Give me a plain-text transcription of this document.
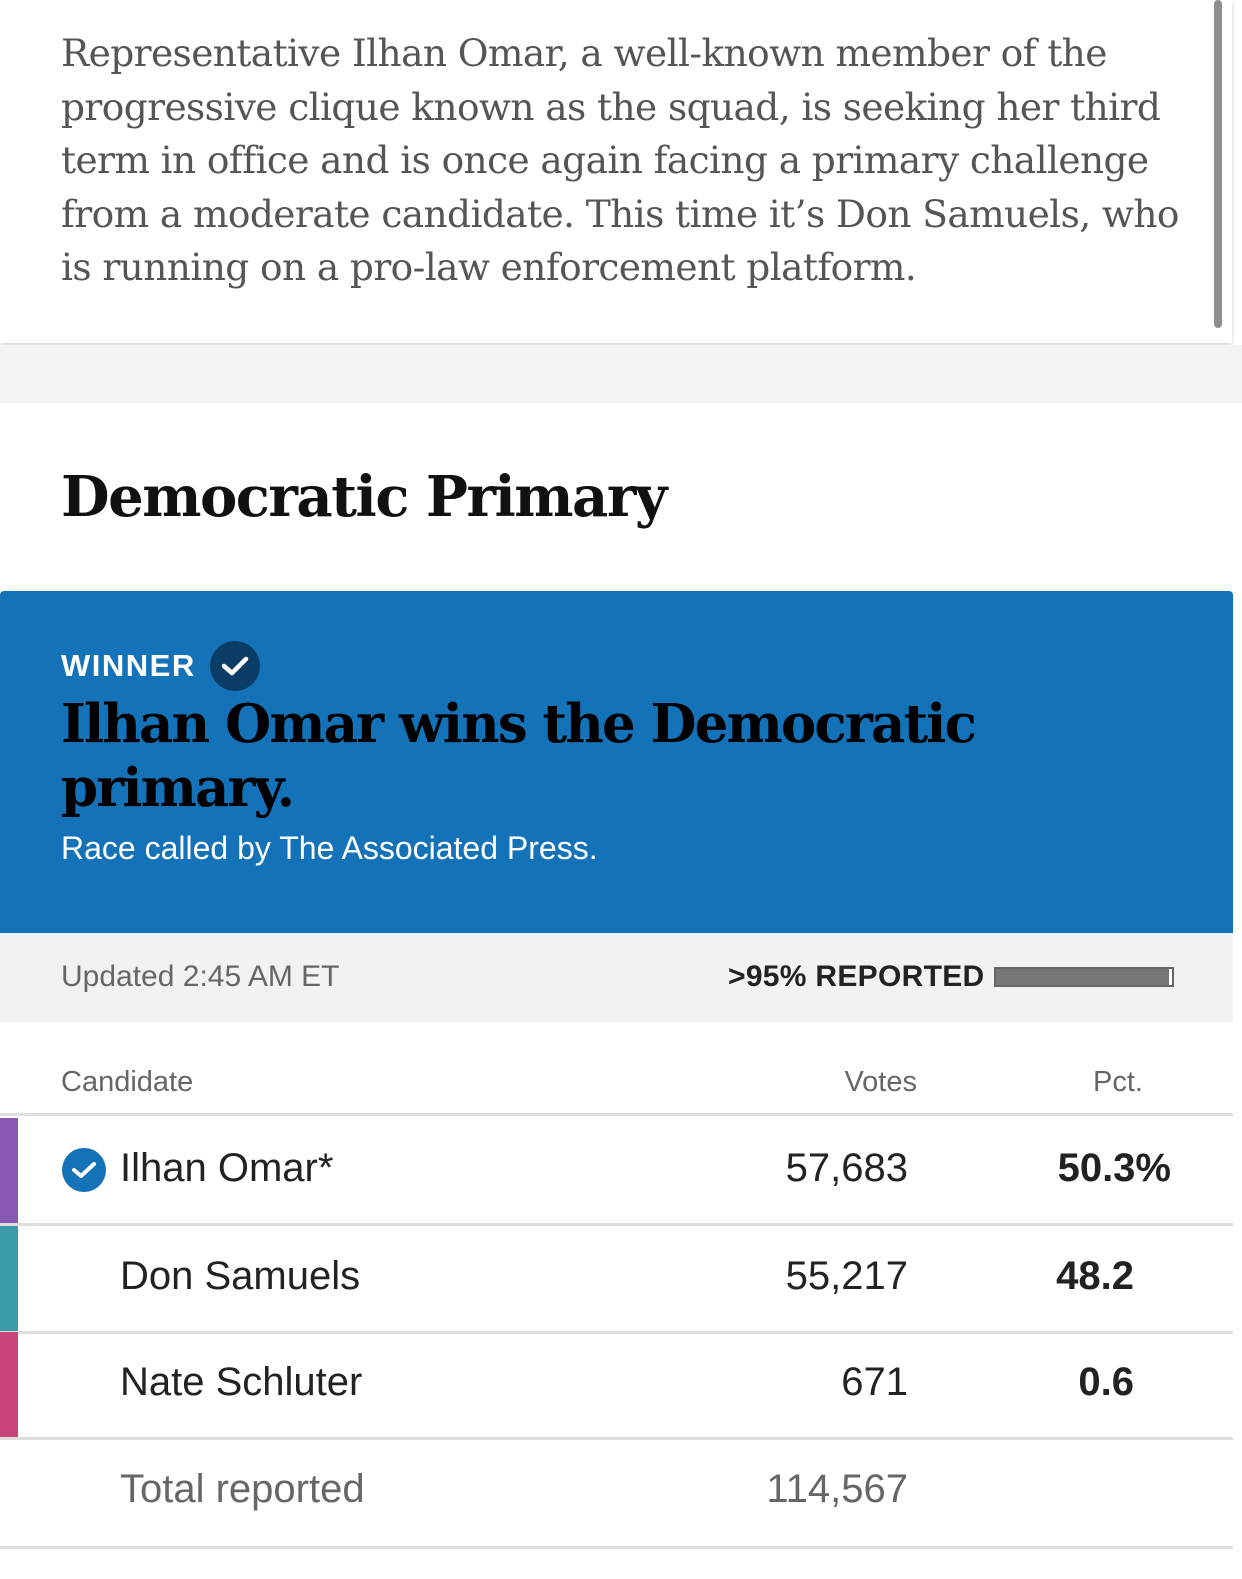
Representative Ilhan Omar, a well-known member of the progressive clique known as the squad, is seeking her third term in office and is once again facing a primary challenge from a moderate candidate. This time it’s Don Samuels, who is running on a pro-law enforcement platform.

Democratic Primary
WINNER
Ilhan Omar wins the Democratic primary.
Race called by The Associated Press.
Updated 2:45 AM ET	>95% REPORTED
Candidate	Votes	Pct.
Ilhan Omar*	57,683	50.3%
Don Samuels	55,217	48.2
Nate Schluter	671	0.6
Total reported	114,567
